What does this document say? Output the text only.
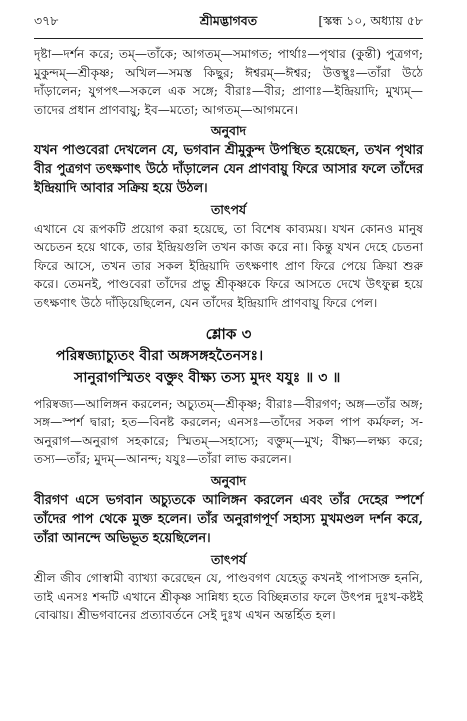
৩৭৮	শ্রীমদ্ভাগবত	[স্কন্ধ ১০, অধ্যায় ৫৮

দৃষ্টা—দর্শন করে; তম্—তাঁকে; আগতম্—সমাগত; পার্থাঃ—পৃথার (কুন্তী) পুত্রগণ; মুকুন্দম্—শ্রীকৃষ্ণ; অখিল—সমস্ত কিছুর; ঈশ্বরম্—ঈশ্বর; উত্তস্থুঃ—তাঁরা উঠে দাঁড়ালেন; যুগপৎ—সকলে এক সঙ্গে; বীরাঃ—বীর; প্রাণাঃ—ইন্দ্রিয়াদি; মুখ্যম্—তাদের প্রধান প্রাণবায়ু; ইব—মতো; আগতম্—আগমনে।

অনুবাদ

যখন পাণ্ডবেরা দেখলেন যে, ভগবান শ্রীমুকুন্দ উপস্থিত হয়েছেন, তখন পৃথার বীর পুত্রগণ তৎক্ষণাৎ উঠে দাঁড়ালেন যেন প্রাণবায়ু ফিরে আসার ফলে তাঁদের ইন্দ্রিয়াদি আবার সক্রিয় হয়ে উঠল।

তাৎপর্য

এখানে যে রূপকটি প্রয়োগ করা হয়েছে, তা বিশেষ কাব্যময়। যখন কোনও মানুষ অচেতন হয়ে থাকে, তার ইন্দ্রিয়গুলি তখন কাজ করে না। কিন্তু যখন দেহে চেতনা ফিরে আসে, তখন তার সকল ইন্দ্রিয়াদি তৎক্ষণাৎ প্রাণ ফিরে পেয়ে ক্রিয়া শুরু করে। তেমনই, পাণ্ডবেরা তাঁদের প্রভু শ্রীকৃষ্ণকে ফিরে আসতে দেখে উৎফুল্ল হয়ে তৎক্ষণাৎ উঠে দাঁড়িয়েছিলেন, যেন তাঁদের ইন্দ্রিয়াদি প্রাণবায়ু ফিরে পেল।

শ্লোক ৩
পরিষ্বজ্যাচ্যুতং বীরা অঙ্গসঙ্গহতৈনসঃ।
সানুরাগস্মিতং বক্তুং বীক্ষ্য তস্য মুদং যযুঃ ॥ ৩ ॥

পরিষ্বজ্য—আলিঙ্গন করলেন; অচ্যুতম্—শ্রীকৃষ্ণ; বীরাঃ—বীরগণ; অঙ্গ—তাঁর অঙ্গ; সঙ্গ—স্পর্শ দ্বারা; হত—বিনষ্ট করলেন; এনসঃ—তাঁদের সকল পাপ কর্মফল; স-অনুরাগ—অনুরাগ সহকারে; স্মিতম্—সহাস্যে; বক্তুম্—মুখ; বীক্ষ্য—লক্ষ্য করে; তস্য—তাঁর; মুদম্—আনন্দ; যযুঃ—তাঁরা লাভ করলেন।

অনুবাদ

বীরগণ এসে ভগবান অচ্যুতকে আলিঙ্গন করলেন এবং তাঁর দেহের স্পর্শে তাঁদের পাপ থেকে মুক্ত হলেন। তাঁর অনুরাগপূর্ণ সহাস্য মুখমণ্ডল দর্শন করে, তাঁরা আনন্দে অভিভূত হয়েছিলেন।

তাৎপর্য

শ্রীল জীব গোস্বামী ব্যাখ্যা করেছেন যে, পাণ্ডবগণ যেহেতু কখনই পাপাসক্ত হননি, তাই এনসঃ শব্দটি এখানে শ্রীকৃষ্ণ সান্নিধ্য হতে বিচ্ছিন্নতার ফলে উৎপন্ন দুঃখ-কষ্টই বোঝায়। শ্রীভগবানের প্রত্যাবর্তনে সেই দুঃখ এখন অন্তর্হিত হল।
